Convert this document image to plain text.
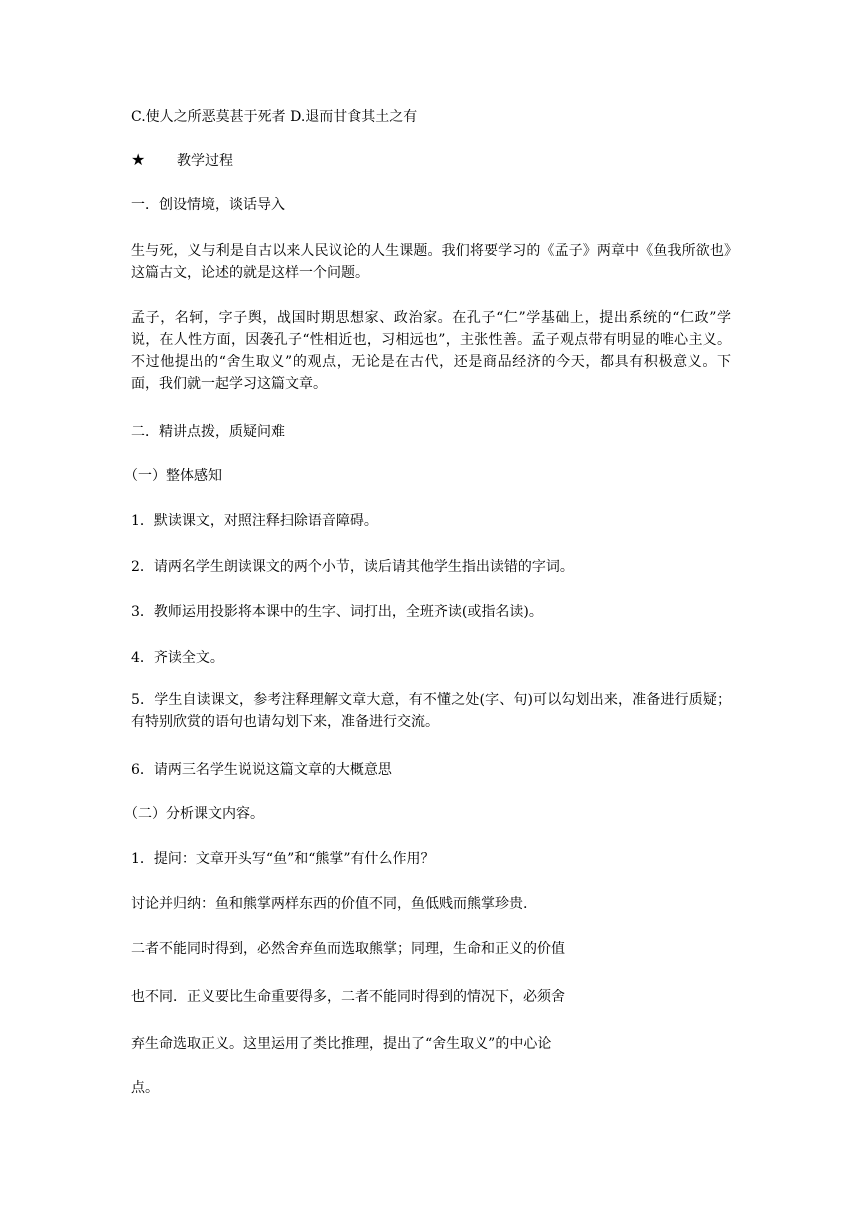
C.使人之所恶莫甚于死者 D.退而甘食其土之有
★ 教学过程
一．创设情境，谈话导入
生与死，义与利是自古以来人民议论的人生课题。我们将要学习的《孟子》两章中《鱼我所欲也》这篇古文，论述的就是这样一个问题。
孟子，名轲，字子舆，战国时期思想家、政治家。在孔子“仁”学基础上，提出系统的“仁政”学说，在人性方面，因袭孔子“性相近也，习相远也”，主张性善。孟子观点带有明显的唯心主义。不过他提出的“舍生取义”的观点，无论是在古代，还是商品经济的今天，都具有积极意义。下面，我们就一起学习这篇文章。
二．精讲点拨，质疑问难
（一）整体感知
1．默读课文，对照注释扫除语音障碍。
2．请两名学生朗读课文的两个小节，读后请其他学生指出读错的字词。
3．教师运用投影将本课中的生字、词打出，全班齐读(或指名读)。
4．齐读全文。
5．学生自读课文，参考注释理解文章大意，有不懂之处(字、句)可以勾划出来，准备进行质疑；有特别欣赏的语句也请勾划下来，准备进行交流。
6．请两三名学生说说这篇文章的大概意思
（二）分析课文内容。
1．提问：文章开头写“鱼”和“熊掌”有什么作用？
讨论并归纳：鱼和熊掌两样东西的价值不同，鱼低贱而熊掌珍贵.
二者不能同时得到，必然舍弃鱼而选取熊掌；同理，生命和正义的价值
也不同．正义要比生命重要得多，二者不能同时得到的情况下，必须舍
弃生命选取正义。这里运用了类比推理，提出了“舍生取义”的中心论
点。
